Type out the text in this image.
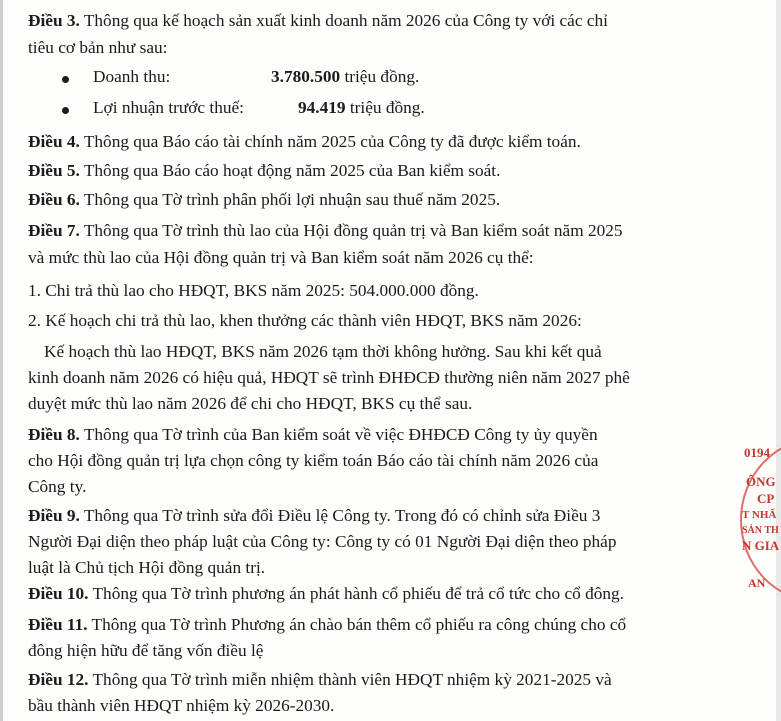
Điều 3. Thông qua kế hoạch sản xuất kinh doanh năm 2026 của Công ty với các chỉ
tiêu cơ bản như sau:
Doanh thu:	3.780.500 triệu đồng.
Lợi nhuận trước thuế:	94.419 triệu đồng.
Điều 4. Thông qua Báo cáo tài chính năm 2025 của Công ty đã được kiểm toán.
Điều 5. Thông qua Báo cáo hoạt động năm 2025 của Ban kiểm soát.
Điều 6. Thông qua Tờ trình phân phối lợi nhuận sau thuế năm 2025.
Điều 7. Thông qua Tờ trình thù lao của Hội đồng quản trị và Ban kiểm soát năm 2025
và mức thù lao của Hội đồng quản trị và Ban kiểm soát năm 2026 cụ thể:
1. Chi trả thù lao cho HĐQT, BKS năm 2025: 504.000.000 đồng.
2. Kế hoạch chi trả thù lao, khen thưởng các thành viên HĐQT, BKS năm 2026:
Kế hoạch thù lao HĐQT, BKS năm 2026 tạm thời không hưởng. Sau khi kết quả
kinh doanh năm 2026 có hiệu quả, HĐQT sẽ trình ĐHĐCĐ thường niên năm 2027 phê
duyệt mức thù lao năm 2026 để chi cho HĐQT, BKS cụ thể sau.
Điều 8. Thông qua Tờ trình của Ban kiểm soát về việc ĐHĐCĐ Công ty ủy quyền
cho Hội đồng quản trị lựa chọn công ty kiểm toán Báo cáo tài chính năm 2026 của
Công ty.
Điều 9. Thông qua Tờ trình sửa đổi Điều lệ Công ty. Trong đó có chỉnh sửa Điều 3
Người Đại diện theo pháp luật của Công ty: Công ty có 01 Người Đại diện theo pháp
luật là Chủ tịch Hội đồng quản trị.
Điều 10. Thông qua Tờ trình phương án phát hành cổ phiếu để trả cổ tức cho cổ đông.
Điều 11. Thông qua Tờ trình Phương án chào bán thêm cổ phiếu ra công chúng cho cổ
đông hiện hữu để tăng vốn điều lệ
Điều 12. Thông qua Tờ trình miễn nhiệm thành viên HĐQT nhiệm kỳ 2021-2025 và
bầu thành viên HĐQT nhiệm kỳ 2026-2030.
0194
ÔNG
CP
T NHẤ
SẢN TH
N GIA
AN
